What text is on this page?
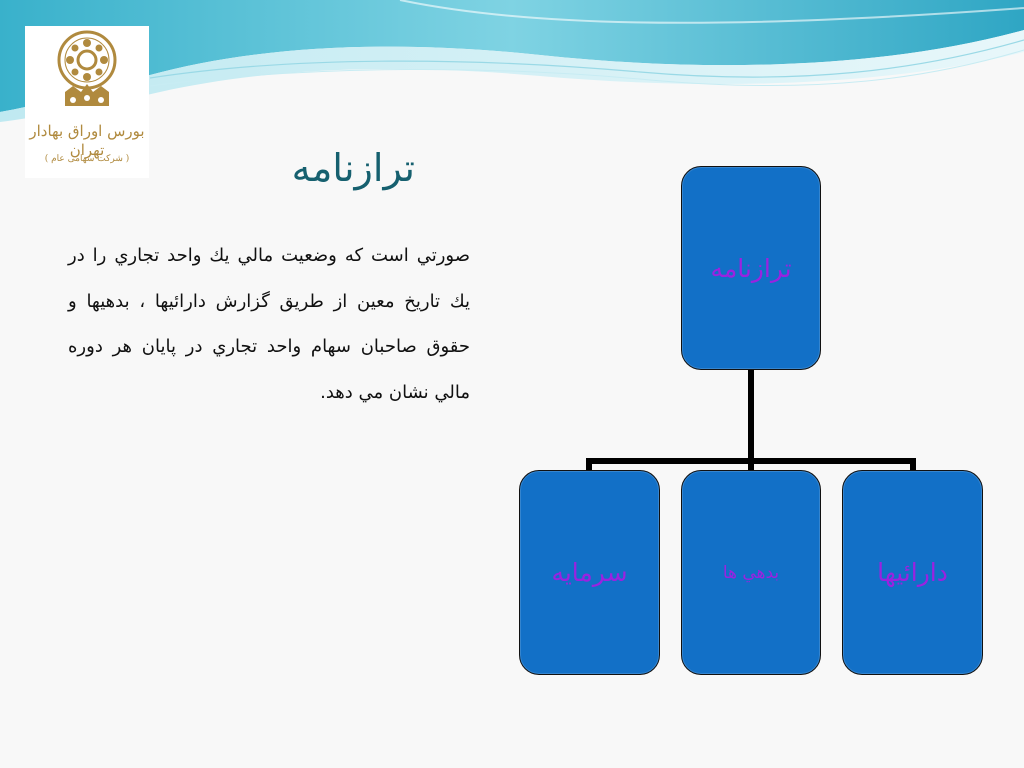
بورس اوراق بهادار تهران
( شرکت سهامی عام )	ترازنامه
صورتي است كه وضعيت مالي يك واحد تجاري را در يك تاريخ معين از طريق گزارش دارائيها ، بدهيها و حقوق صاحبان سهام واحد تجاري در پايان هر دوره مالي نشان مي دهد.
ترازنامه
سرمايه	بدهي ها	دارائيها
